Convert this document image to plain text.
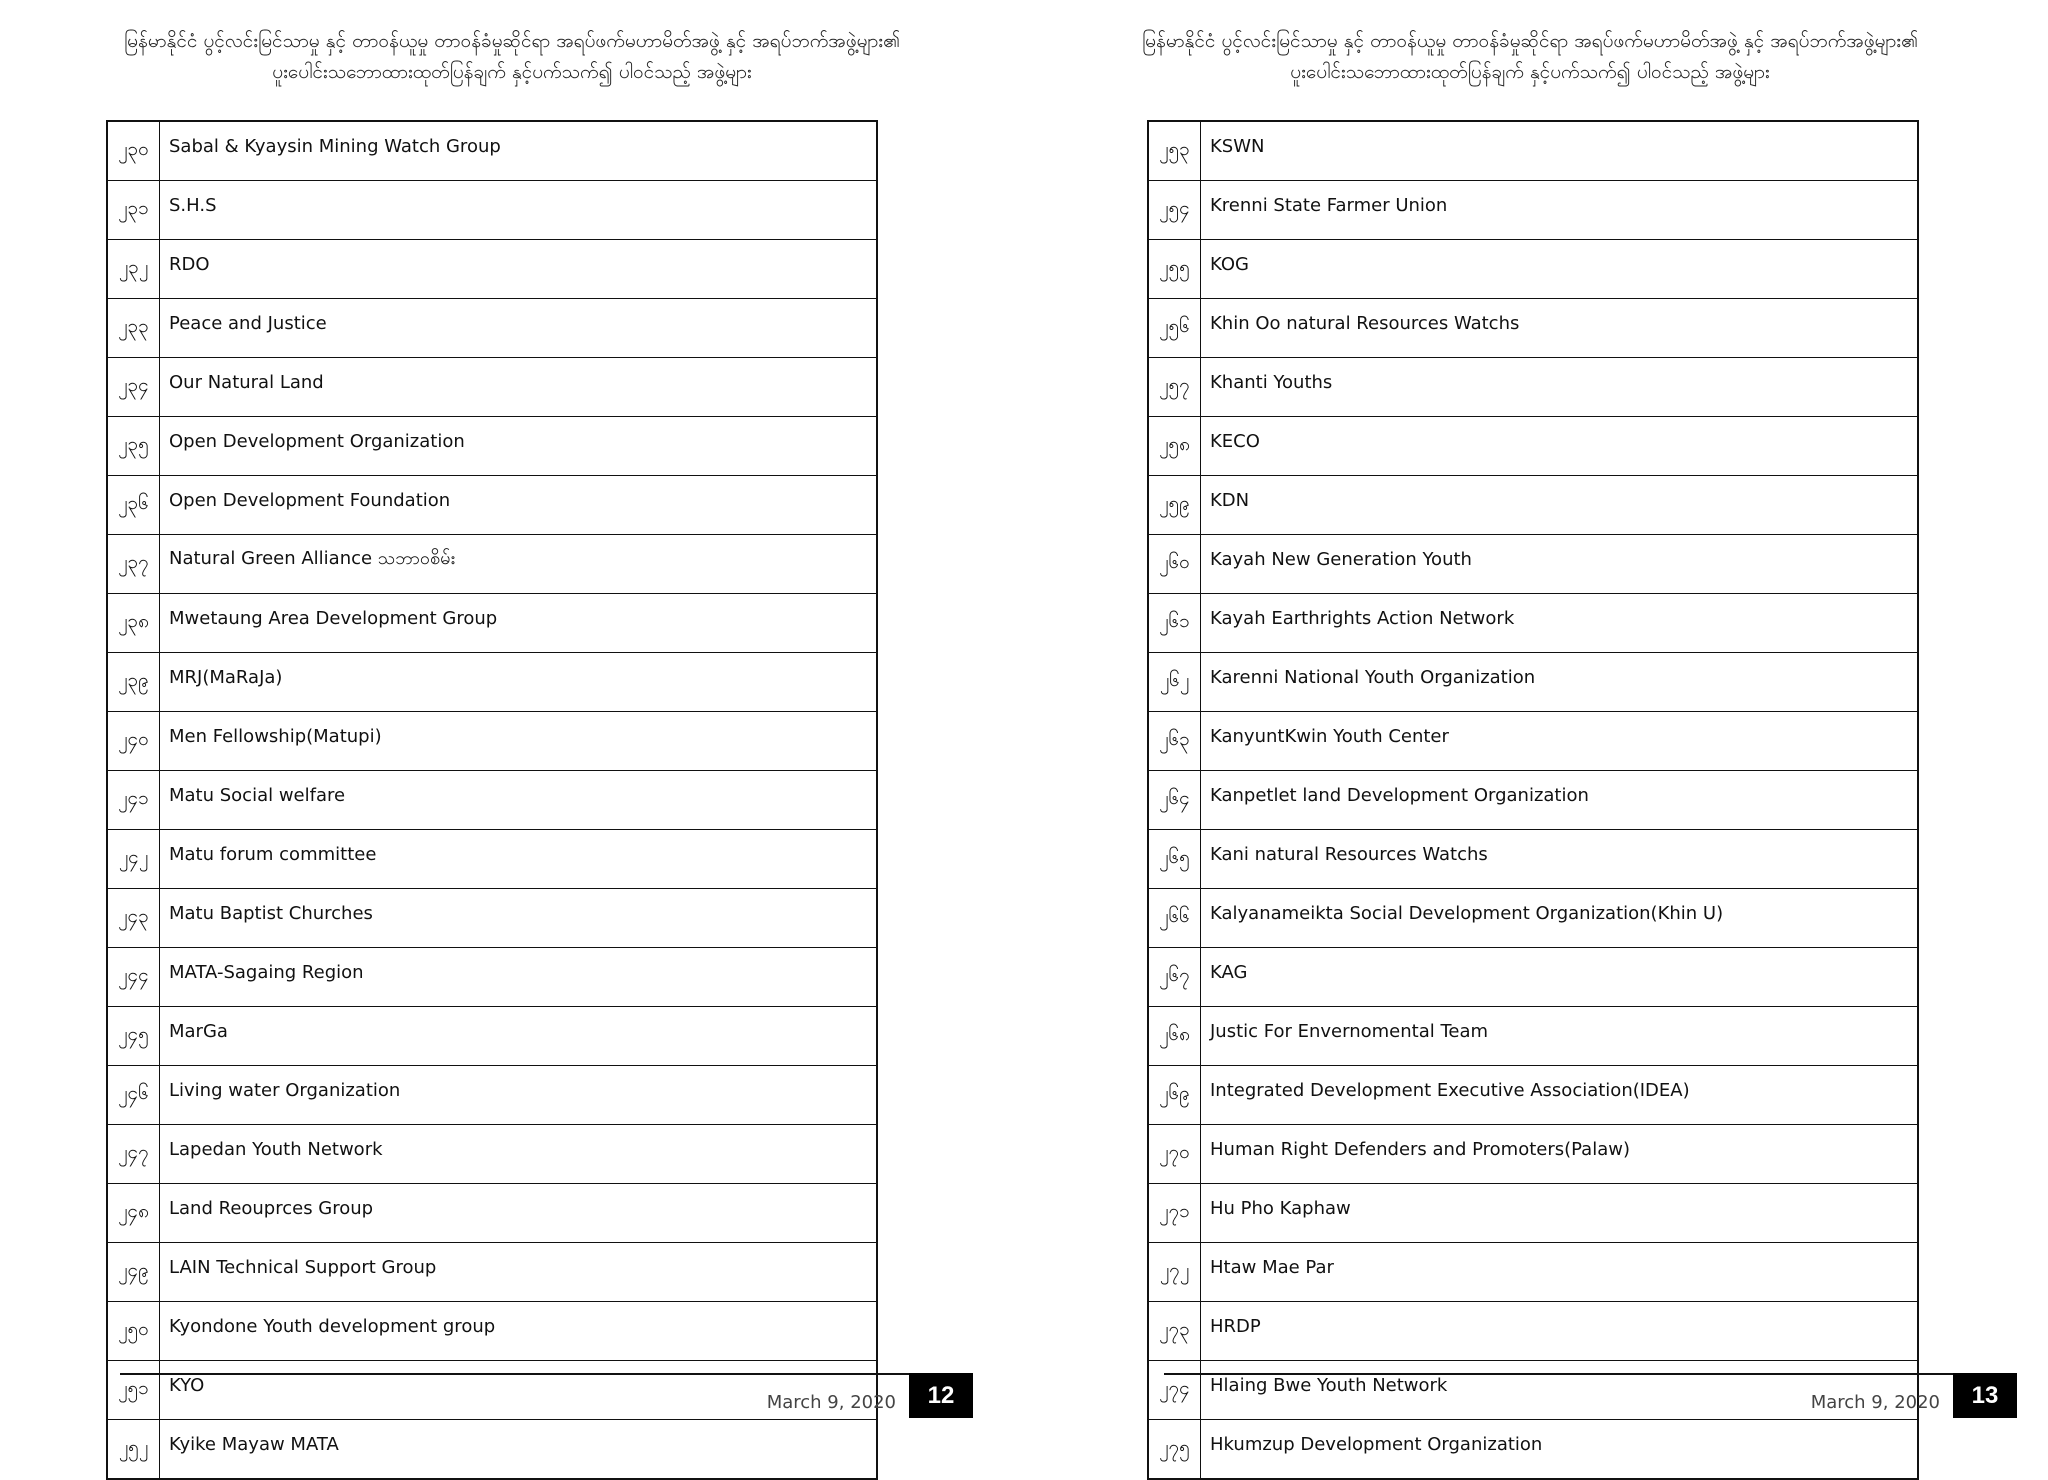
မြန်မာနိုင်ငံ ပွင့်လင်းမြင်သာမှု နှင့် တာဝန်ယူမှု တာဝန်ခံမှုဆိုင်ရာ အရပ်ဖက်မဟာမိတ်အဖွဲ့ နှင့် အရပ်ဘက်အဖွဲ့များ၏
ပူးပေါင်းသဘောထားထုတ်ပြန်ချက် နှင့်ပက်သက်၍ ပါဝင်သည့် အဖွဲ့များ
၂၃၀	Sabal & Kyaysin Mining Watch Group
၂၃၁	S.H.S
၂၃၂	RDO
၂၃၃	Peace and Justice
၂၃၄	Our Natural Land
၂၃၅	Open Development Organization
၂၃၆	Open Development Foundation
၂၃၇	Natural Green Alliance သဘာဝစိမ်း
၂၃၈	Mwetaung Area Development Group
၂၃၉	MRJ(MaRaJa)
၂၄၀	Men Fellowship(Matupi)
၂၄၁	Matu Social welfare
၂၄၂	Matu forum committee
၂၄၃	Matu Baptist Churches
၂၄၄	MATA-Sagaing Region
၂၄၅	MarGa
၂၄၆	Living water Organization
၂၄၇	Lapedan Youth Network
၂၄၈	Land Reouprces Group
၂၄၉	LAIN Technical Support Group
၂၅၀	Kyondone Youth development group
၂၅၁	KYO
၂၅၂	Kyike Mayaw MATA
March 9, 2020	12
မြန်မာနိုင်ငံ ပွင့်လင်းမြင်သာမှု နှင့် တာဝန်ယူမှု တာဝန်ခံမှုဆိုင်ရာ အရပ်ဖက်မဟာမိတ်အဖွဲ့ နှင့် အရပ်ဘက်အဖွဲ့များ၏
ပူးပေါင်းသဘောထားထုတ်ပြန်ချက် နှင့်ပက်သက်၍ ပါဝင်သည့် အဖွဲ့များ
၂၅၃	KSWN
၂၅၄	Krenni State Farmer Union
၂၅၅	KOG
၂၅၆	Khin Oo natural Resources Watchs
၂၅၇	Khanti Youths
၂၅၈	KECO
၂၅၉	KDN
၂၆၀	Kayah New Generation Youth
၂၆၁	Kayah Earthrights Action Network
၂၆၂	Karenni National Youth Organization
၂၆၃	KanyuntKwin Youth Center
၂၆၄	Kanpetlet land Development Organization
၂၆၅	Kani natural Resources Watchs
၂၆၆	Kalyanameikta Social Development Organization(Khin U)
၂၆၇	KAG
၂၆၈	Justic For Envernomental Team
၂၆၉	Integrated Development Executive Association(IDEA)
၂၇၀	Human Right Defenders and Promoters(Palaw)
၂၇၁	Hu Pho Kaphaw
၂၇၂	Htaw Mae Par
၂၇၃	HRDP
၂၇၄	Hlaing Bwe Youth Network
၂၇၅	Hkumzup Development Organization
March 9, 2020	13
